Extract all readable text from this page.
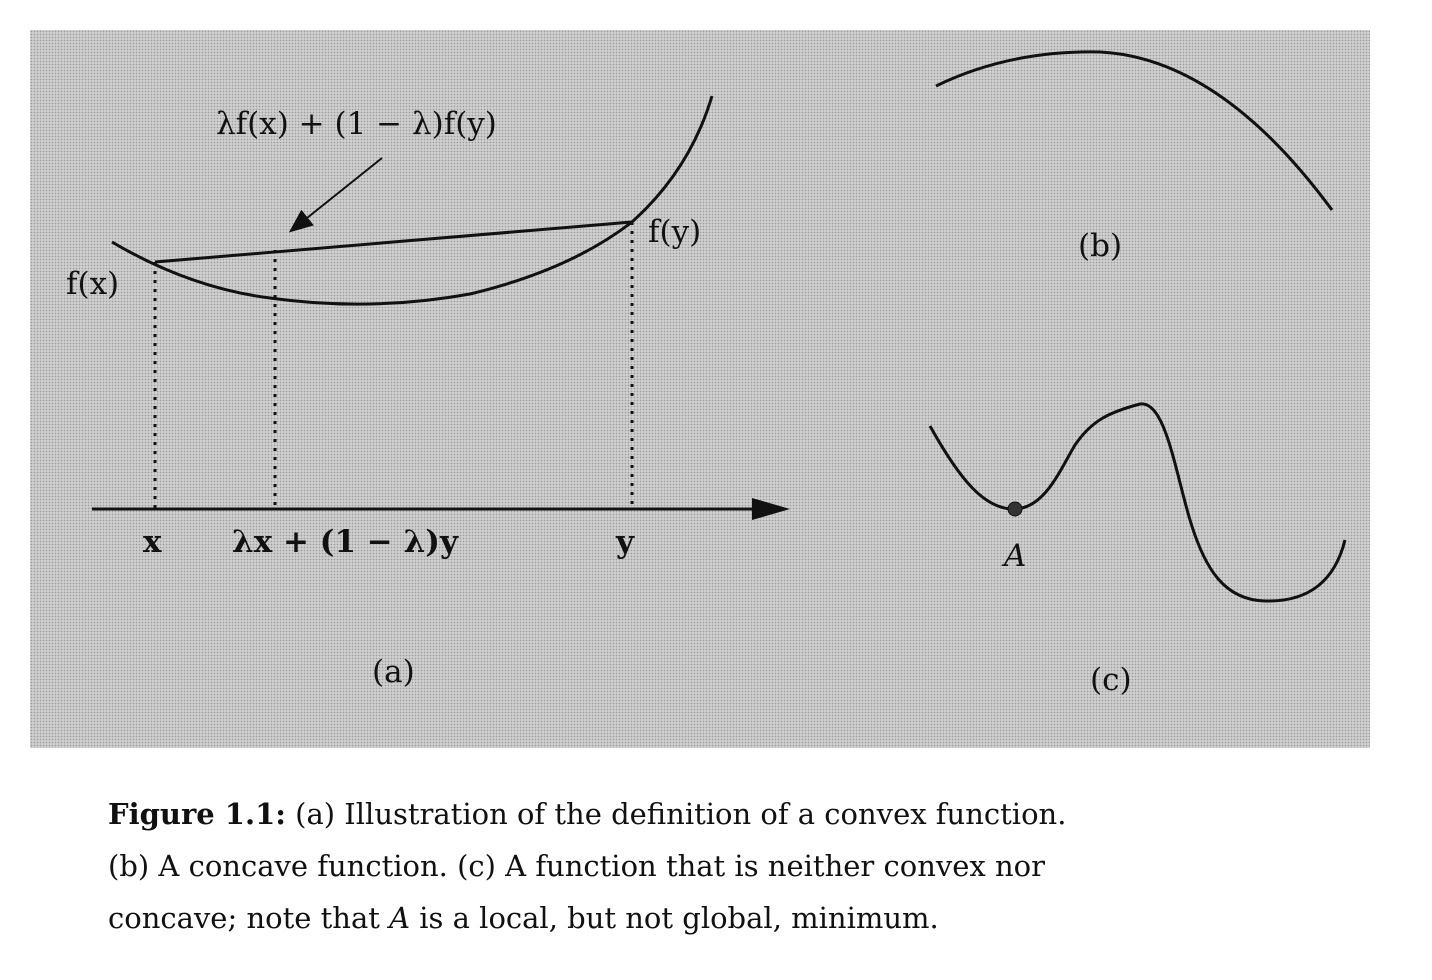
λf(x) + (1 − λ)f(y)
f(x)
f(y)
x λx + (1 − λ)y	y
(a)
(b)
A
(c)

Figure 1.1: (a) Illustration of the definition of a convex function.

(b) A concave function. (c) A function that is neither convex nor

concave; note that A is a local, but not global, minimum.
